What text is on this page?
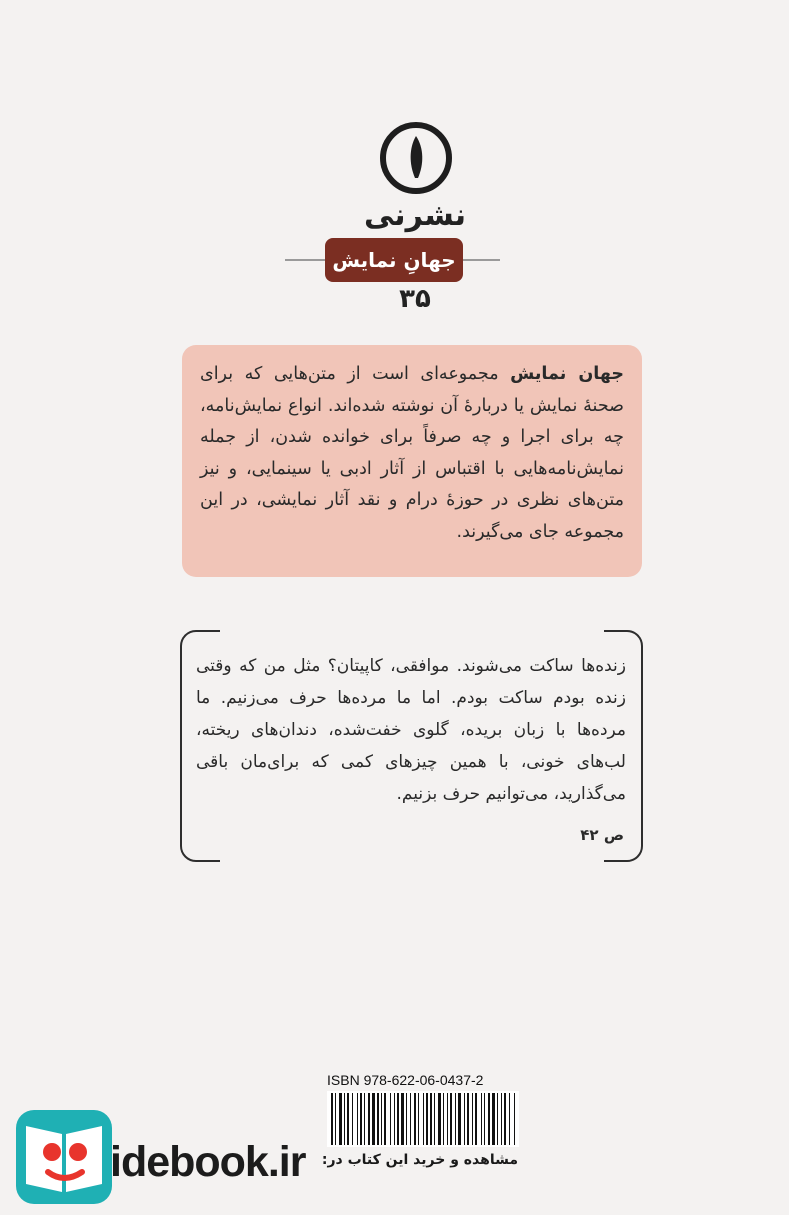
نشرنی
جهانِ نمایش
۳۵
جهان نمایش مجموعه‌ای است از متن‌هایی که برای صحنهٔ نمایش یا دربارهٔ آن نوشته شده‌اند. انواع نمایش‌نامه، چه برای اجرا و چه صرفاً برای خوانده شدن، از جمله نمایش‌نامه‌هایی با اقتباس از آثار ادبی یا سینمایی، و نیز متن‌های نظری در حوزهٔ درام و نقد آثار نمایشی، در این مجموعه جای می‌گیرند.
زنده‌ها ساکت می‌شوند. موافقی، کاپیتان؟ مثل من که وقتی زنده بودم ساکت بودم. اما ما مرده‌ها حرف می‌زنیم. ما مرده‌ها با زبان بریده، گلوی خفت‌شده، دندان‌های ریخته، لب‌های خونی، با همین چیزهای کمی که برای‌مان باقی می‌گذارید، می‌توانیم حرف بزنیم.
ص ۴۲
ISBN 978-622-06-0437-2
مشاهده و خرید این کتاب در:
idebook.ir
